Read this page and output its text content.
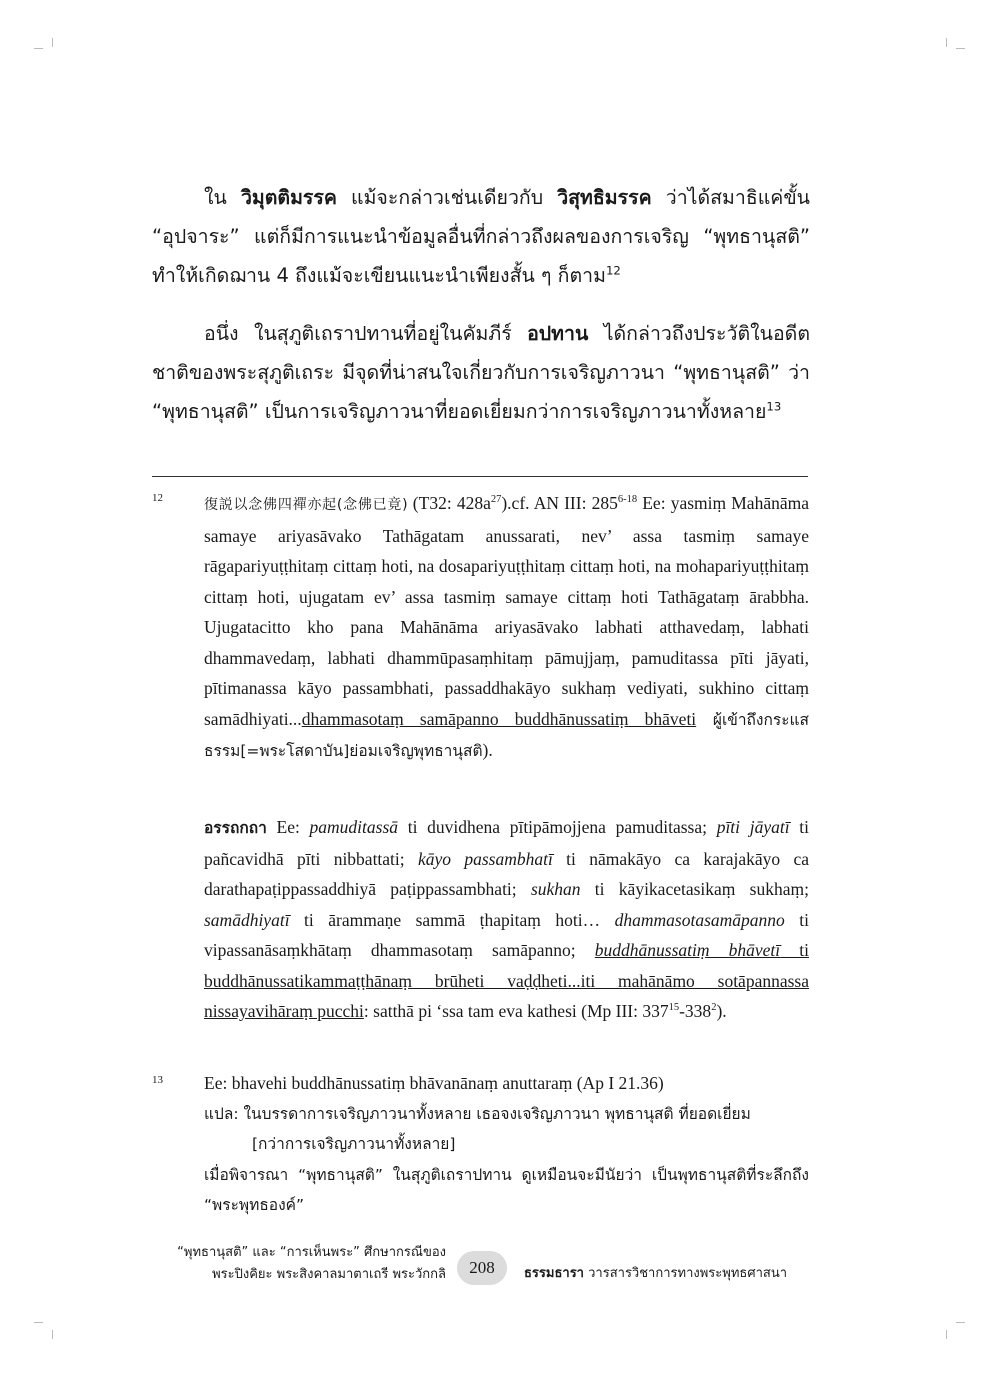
ใน วิมุตติมรรค แม้จะกล่าวเช่นเดียวกับ วิสุทธิมรรค ว่าได้สมาธิแค่ขั้น “อุปจาระ” แต่ก็มีการแนะนำข้อมูลอื่นที่กล่าวถึงผลของการเจริญ “พุทธานุสติ” ทำให้เกิดฌาน 4 ถึงแม้จะเขียนแนะนำเพียงสั้น ๆ ก็ตาม$^{12}$

อนึ่ง ในสุภูติเถราปทานที่อยู่ในคัมภีร์ อปทาน ได้กล่าวถึงประวัติในอดีตชาติของพระสุภูติเถระ มีจุดที่น่าสนใจเกี่ยวกับการเจริญภาวนา “พุทธานุสติ” ว่า “พุทธานุสติ” เป็นการเจริญภาวนาที่ยอดเยี่ยมกว่าการเจริญภาวนาทั้งหลาย$^{13}$

12	復説以念佛四禪亦起(念佛已竟) (T32: $428a^{27}).cf$. AN III: 285$^{6-18}$ Ee: yasmiṃ Mahānāma samaye ariyasāvako Tathāgatam anussarati, nev’ assa tasmiṃ samaye rāgapariyuṭṭhitaṃ cittaṃ hoti, na dosapariyuṭṭhitaṃ cittaṃ hoti, na mohapariyuṭṭhitaṃ cittaṃ hoti, ujugatam ev’ assa tasmiṃ samaye cittaṃ hoti Tathāgataṃ ārabbha. Ujugatacitto kho pana Mahānāma ariyasāvako labhati atthavedaṃ, labhati dhammavedaṃ, labhati dhammūpasaṃhitaṃ pāmujjaṃ, pamuditassa pīti jāyati, pītimanassa kāyo passambhati, passaddhakāyo sukhaṃ vediyati, sukhino cittaṃ samādhiyati...dhammasotaṃ samāpanno buddhānussatiṃ bhāveti ผู้เข้าถึงกระแสธรรม[=พระโสดาบัน]ย่อมเจริญพุทธานุสติ).

อรรถกถา Ee: pamuditassā ti duvidhena pītipāmojjena pamuditassa; pīti jāyatī ti pañcavidhā pīti nibbattati; kāyo passambhatī ti nāmakāyo ca karajakāyo ca darathapaṭippassaddhiyā paṭippassambhati; sukhan ti kāyikacetasikaṃ sukhaṃ; samādhiyatī ti ārammaṇe sammā ṭhapitaṃ hoti… dhammasotasamāpanno ti vipassanāsaṃkhātaṃ dhammasotaṃ samāpanno; buddhānussatiṃ bhāvetī ti buddhānussatikammaṭṭhānaṃ brūheti vaḍḍheti...iti mahānāmo sotāpannassa nissayavihāraṃ pucchi: satthā pi ‘ssa tam eva kathesi (Mp III: $337^{15}-338^2$).

13 Ee: bhavehi buddhānussatiṃ bhāvanānaṃ anuttaraṃ (Ap I 21.36)
แปล: ในบรรดาการเจริญภาวนาทั้งหลาย เธอจงเจริญภาวนา พุทธานุสติ ที่ยอดเยี่ยม
[กว่าการเจริญภาวนาทั้งหลาย]
เมื่อพิจารณา “พุทธานุสติ” ในสุภูติเถราปทาน ดูเหมือนจะมีนัยว่า เป็นพุทธานุสติที่ระลึกถึง “พระพุทธองค์”
“พุทธานุสติ” และ “การเห็นพระ” ศึกษากรณีของ
พระปิงคิยะ พระสิงคาลมาตาเถรี พระวักกลิ	208	ธรรมธารา วารสารวิชาการทางพระพุทธศาสนา
